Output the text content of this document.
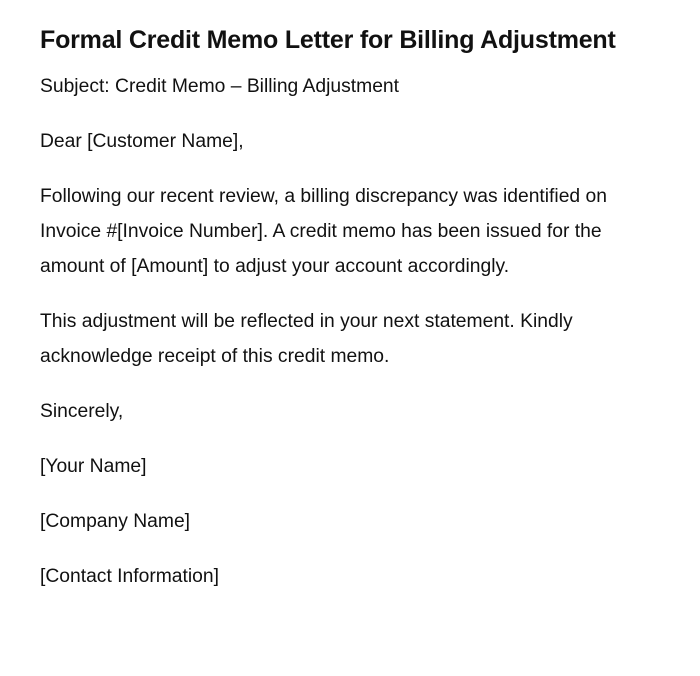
Formal Credit Memo Letter for Billing Adjustment

Subject: Credit Memo – Billing Adjustment

Dear [Customer Name],

Following our recent review, a billing discrepancy was identified on Invoice #[Invoice Number]. A credit memo has been issued for the amount of [Amount] to adjust your account accordingly.

This adjustment will be reflected in your next statement. Kindly acknowledge receipt of this credit memo.

Sincerely,

[Your Name]

[Company Name]

[Contact Information]
